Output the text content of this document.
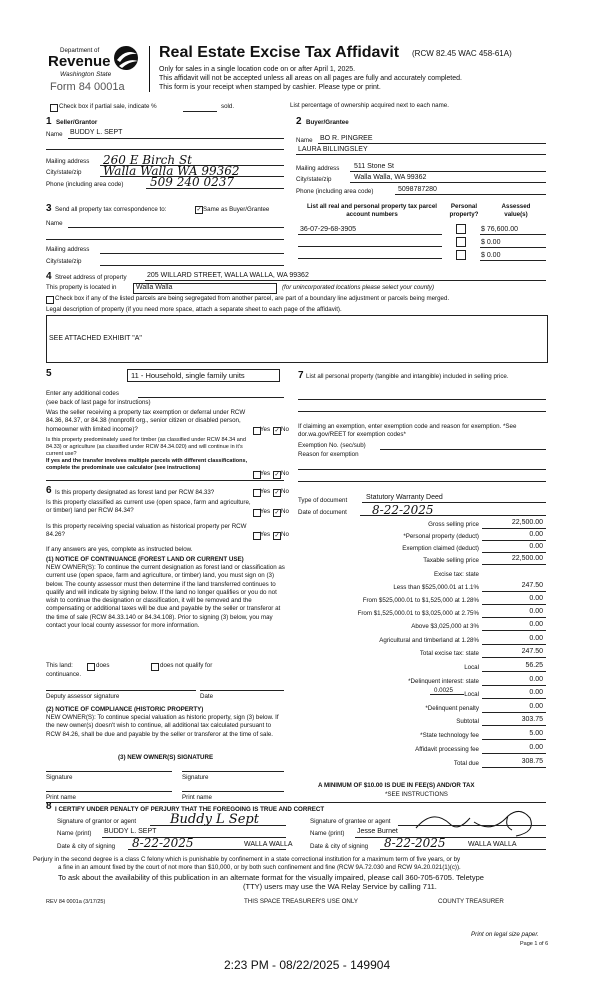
Department of
Revenue
Washington State
Form 84 0001a
Real Estate Excise Tax Affidavit (RCW 82.45 WAC 458-61A)
Only for sales in a single location code on or after April 1, 2025.
This affidavit will not be accepted unless all areas on all pages are fully and accurately completed.
This form is your receipt when stamped by cashier. Please type or print.
Check box if partial sale, indicate %	sold.	List percentage of ownership acquired next to each name.
1 Seller/Grantor
Name BUDDY L. SEPT
Mailing address 260 E Birch St
City/state/zip Walla Walla WA 99362
Phone (including area code) 509 240 0237
2 Buyer/Grantee
Name BO R. PINGREE
LAURA BILLINGSLEY
Mailing address 511 Stone St
City/state/zip	Walla Walla, WA 99362
Phone (including area code)	5098787280
3 Send all property tax correspondence to:	✓ Same as Buyer/Grantee
Name
Mailing address
City/state/zip
List all real and personal property tax parcel account numbers
Personal property?
Assessed value(s)
36-07-29-68-3905	$ 76,600.00
$ 0.00
$ 0.00
4 Street address of property	205 WILLARD STREET, WALLA WALLA, WA 99362
This property is located in	Walla Walla	(for unincorporated locations please select your county)
Check box if any of the listed parcels are being segregated from another parcel, are part of a boundary line adjustment or parcels being merged.
Legal description of property (if you need more space, attach a separate sheet to each page of the affidavit).
SEE ATTACHED EXHIBIT "A"
5	11 - Household, single family units
Enter any additional codes
(see back of last page for instructions)
Was the seller receiving a property tax exemption or deferral under RCW 84.36, 84.37, or 84.38 (nonprofit org., senior citizen or disabled person, homeowner with limited income)?	Yes ✓ No
Is this property predominately used for timber (as classified under RCW 84.34 and 84.33) or agriculture (as classified under RCW 84.34.020) and will continue in it's current use?
If yes and the transfer involves multiple parcels with different classifications, complete the predominate use calculator (see instructions)
Yes ✓ No
6 Is this property designated as forest land per RCW 84.33?	Yes ✓ No
Is this property classified as current use (open space, farm and agriculture, or timber) land per RCW 84.34?	Yes ✓ No
Is this property receiving special valuation as historical property per RCW 84.26?	Yes ✓ No
If any answers are yes, complete as instructed below.
(1) NOTICE OF CONTINUANCE (FOREST LAND OR CURRENT USE)
NEW OWNER(S): To continue the current designation as forest land or classification as current use (open space, farm and agriculture, or timber) land, you must sign on (3) below. The county assessor must then determine if the land transferred continues to qualify and will indicate by signing below. If the land no longer qualifies or you do not wish to continue the designation or classification, it will be removed and the compensating or additional taxes will be due and payable by the seller or transferor at the time of sale (RCW 84.33.140 or 84.34.108). Prior to signing (3) below, you may contact your local county assessor for more information.
This land:	does	does not qualify for
continuance.
Deputy assessor signature	Date
(2) NOTICE OF COMPLIANCE (HISTORIC PROPERTY)
NEW OWNER(S): To continue special valuation as historic property, sign (3) below. If the new owner(s) doesn't wish to continue, all additional tax calculated pursuant to RCW 84.26, shall be due and payable by the seller or transferor at the time of sale.
(3) NEW OWNER(S) SIGNATURE
Signature	Signature
Print name	Print name
7 List all personal property (tangible and intangible) included in selling price.
If claiming an exemption, enter exemption code and reason for exemption. *See dor.wa.gov/REET for exemption codes*
Exemption No. (sec/sub)
Reason for exemption
Type of document	Statutory Warranty Deed
Date of document 8-22-2025
Gross selling price	22,500.00
*Personal property (deduct)	0.00
Exemption claimed (deduct)	0.00
Taxable selling price	22,500.00
Excise tax: state
Less than $525,000.01 at 1.1%	247.50
From $525,000.01 to $1,525,000 at 1.28%	0.00
From $1,525,000.01 to $3,025,000 at 2.75%	0.00
Above $3,025,000 at 3%	0.00
Agricultural and timberland at 1.28%	0.00
Total excise tax: state	247.50
Local	56.25
*Delinquent interest: state	0.00
Local	0.00
*Delinquent penalty	0.00
Subtotal	303.75
*State technology fee	5.00
Affidavit processing fee	0.00
Total due	308.75
0.0025
A MINIMUM OF $10.00 IS DUE IN FEE(S) AND/OR TAX
*SEE INSTRUCTIONS
8 I CERTIFY UNDER PENALTY OF PERJURY THAT THE FOREGOING IS TRUE AND CORRECT
Signature of grantor or agent	Buddy L Sept
Name (print) BUDDY L. SEPT
Date & city of signing 8-22-2025	WALLA WALLA
Signature of grantee or agent
Name (print) Jesse Burnet
Date & city of signing 8-22-2025	WALLA WALLA
Perjury in the second degree is a class C felony which is punishable by confinement in a state correctional institution for a maximum term of five years, or by
a fine in an amount fixed by the court of not more than $10,000, or by both such confinement and fine (RCW 9A.72.030 and RCW 9A.20.021(1)(c)).
To ask about the availability of this publication in an alternate format for the visually impaired, please call 360-705-6705. Teletype
(TTY) users may use the WA Relay Service by calling 711.
REV 84 0001a (3/17/25)	THIS SPACE TREASURER'S USE ONLY	COUNTY TREASURER
Print on legal size paper.
Page 1 of 6
2:23 PM - 08/22/2025 - 149904
